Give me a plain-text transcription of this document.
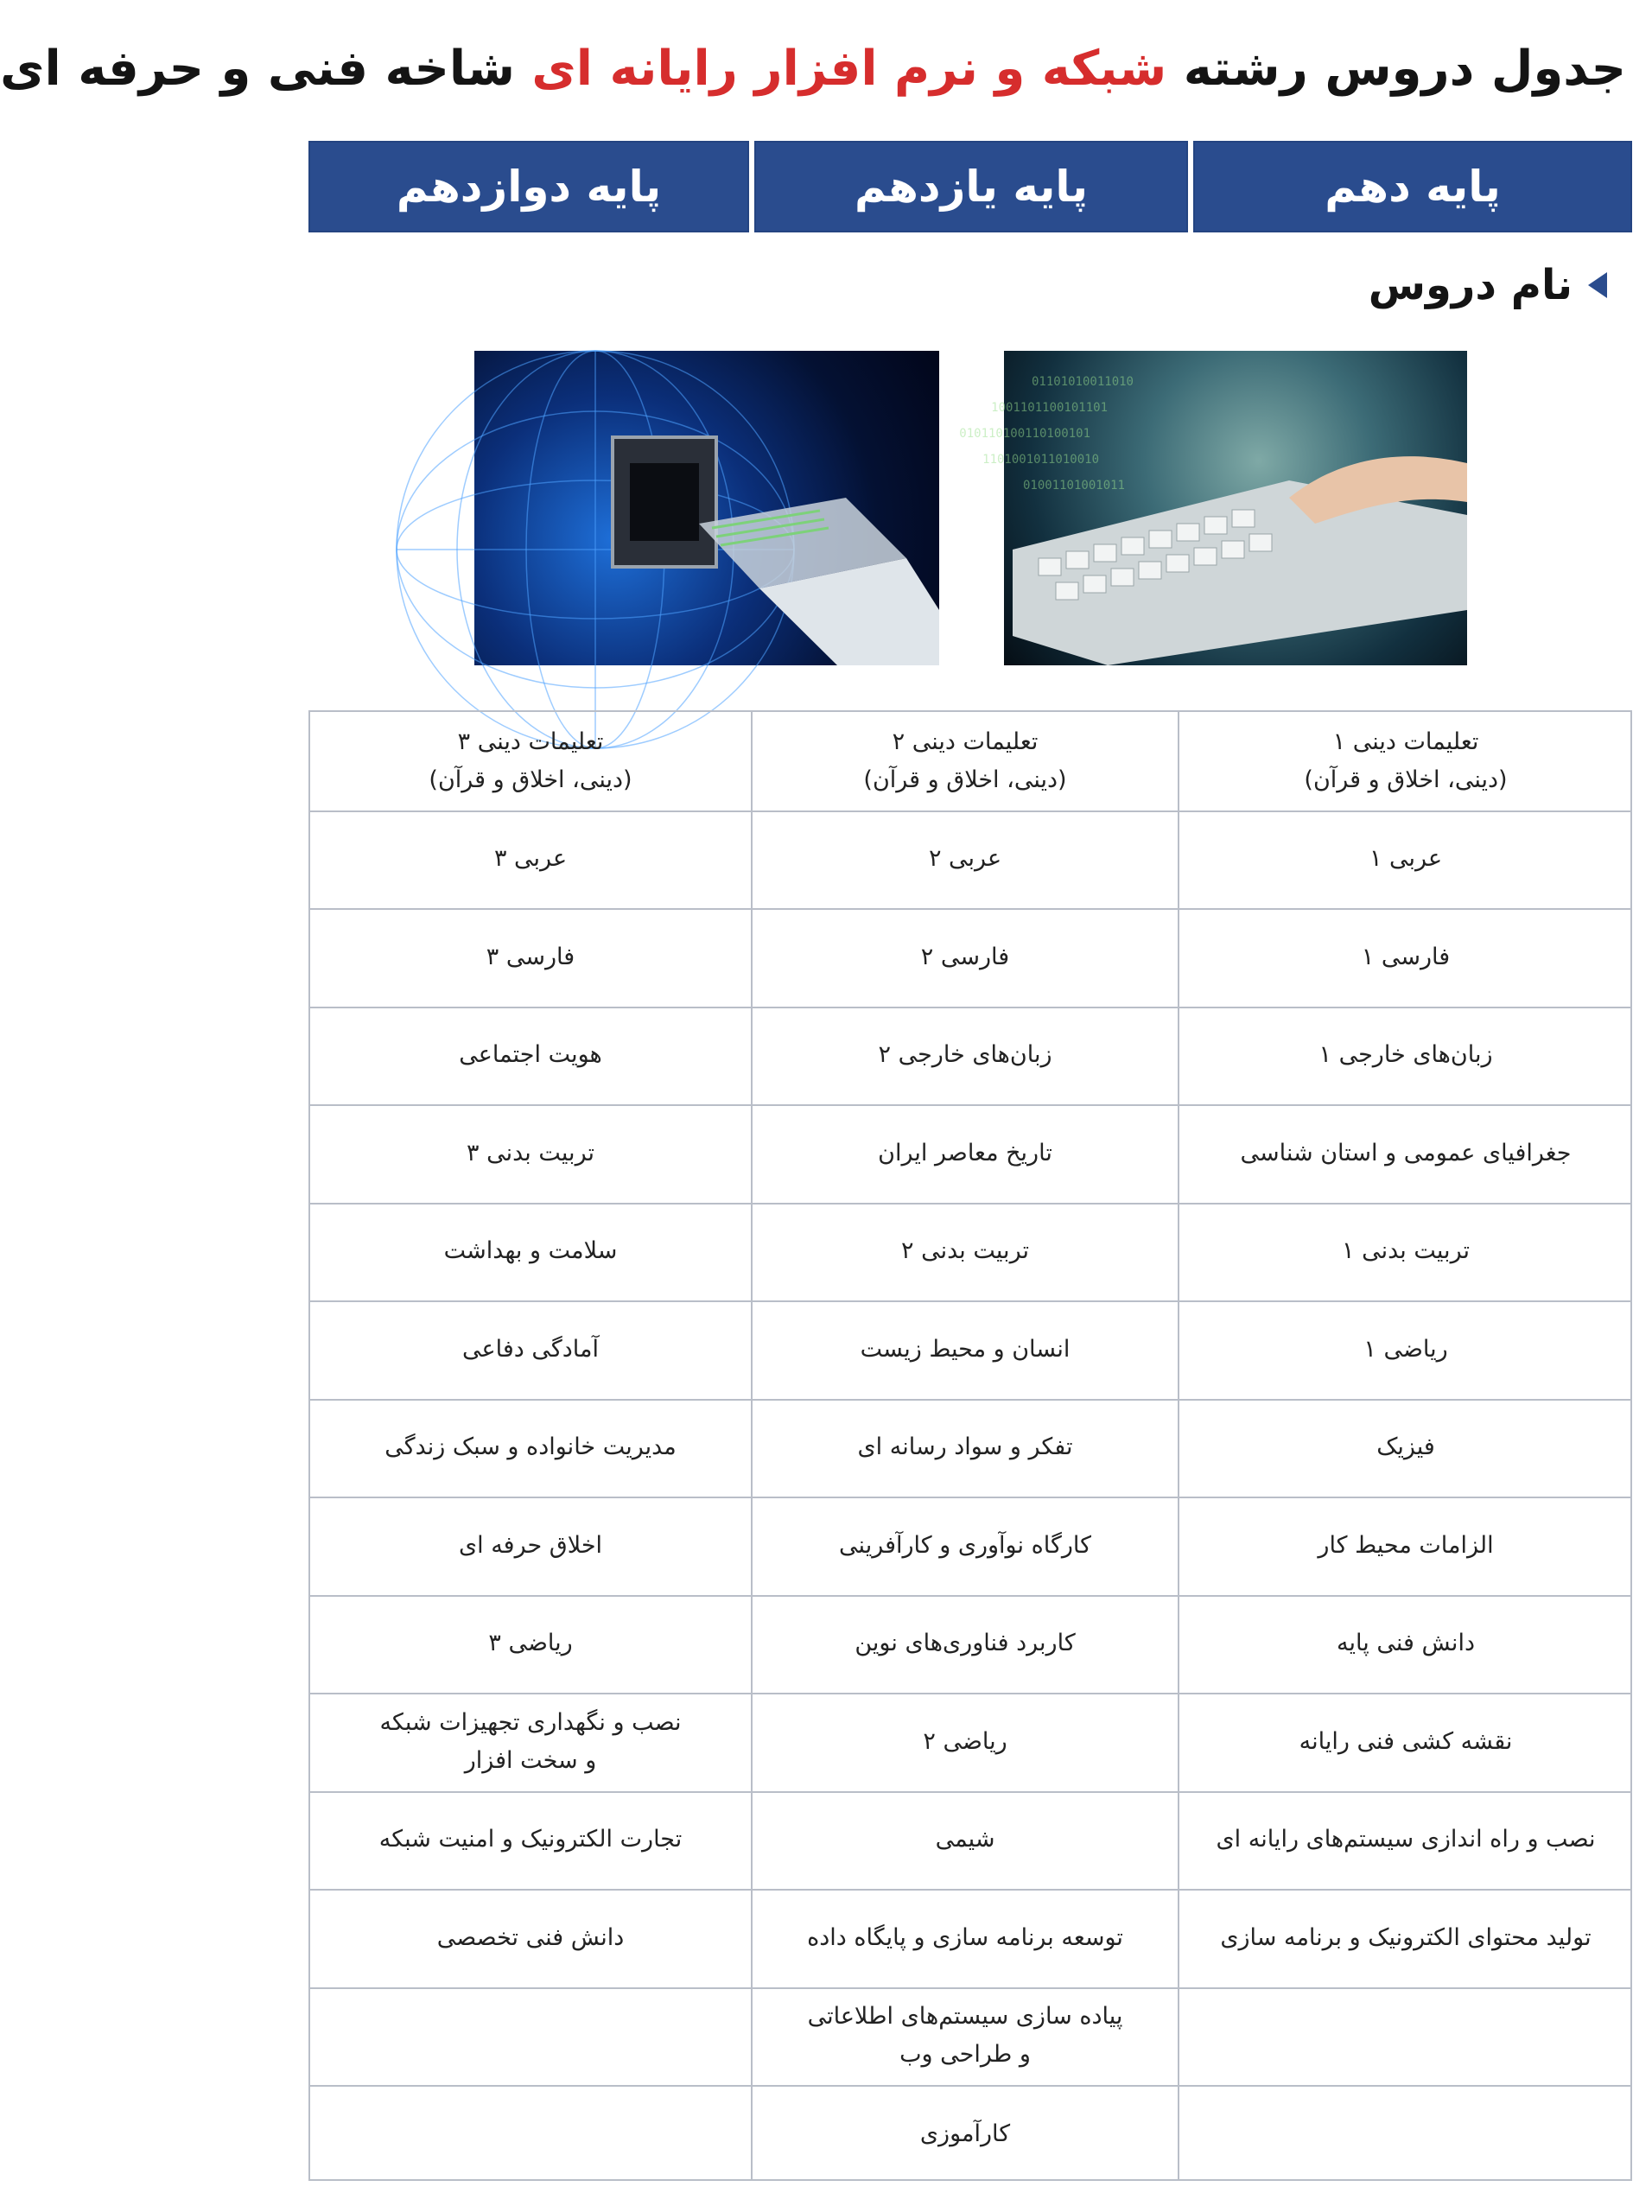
جدول دروس رشته شبکه و نرم افزار رایانه ای شاخه فنی و حرفه ای
پایه دهم
پایه یازدهم
پایه دوازدهم
نام دروس
01101010011010
1001101100101101
010110100110100101
1101001011010010
01001101001011
تعلیمات دینی ۱
(دینی، اخلاق و قرآن)
عربی ۱
فارسی ۱
زبان‌های خارجی ۱
جغرافیای عمومی و استان شناسی
تربیت بدنی ۱
ریاضی ۱
فیزیک
الزامات محیط کار
دانش فنی پایه
نقشه کشی فنی رایانه
نصب و راه اندازی سیستم‌های رایانه ای
تولید محتوای الکترونیک و برنامه سازی
تعلیمات دینی ۲
(دینی، اخلاق و قرآن)
عربی ۲
فارسی ۲
زبان‌های خارجی ۲
تاریخ معاصر ایران
تربیت بدنی ۲
انسان و محیط زیست
تفکر و سواد رسانه ای
کارگاه نوآوری و کارآفرینی
کاربرد فناوری‌های نوین
ریاضی ۲
شیمی
توسعه برنامه سازی و پایگاه داده
پیاده سازی سیستم‌های اطلاعاتی
و طراحی وب
کارآموزی
تعلیمات دینی ۳
(دینی، اخلاق و قرآن)
عربی ۳
فارسی ۳
هویت اجتماعی
تربیت بدنی ۳
سلامت و بهداشت
آمادگی دفاعی
مدیریت خانواده و سبک زندگی
اخلاق حرفه ای
ریاضی ۳
نصب و نگهداری تجهیزات شبکه
و سخت افزار
تجارت الکترونیک و امنیت شبکه
دانش فنی تخصصی
